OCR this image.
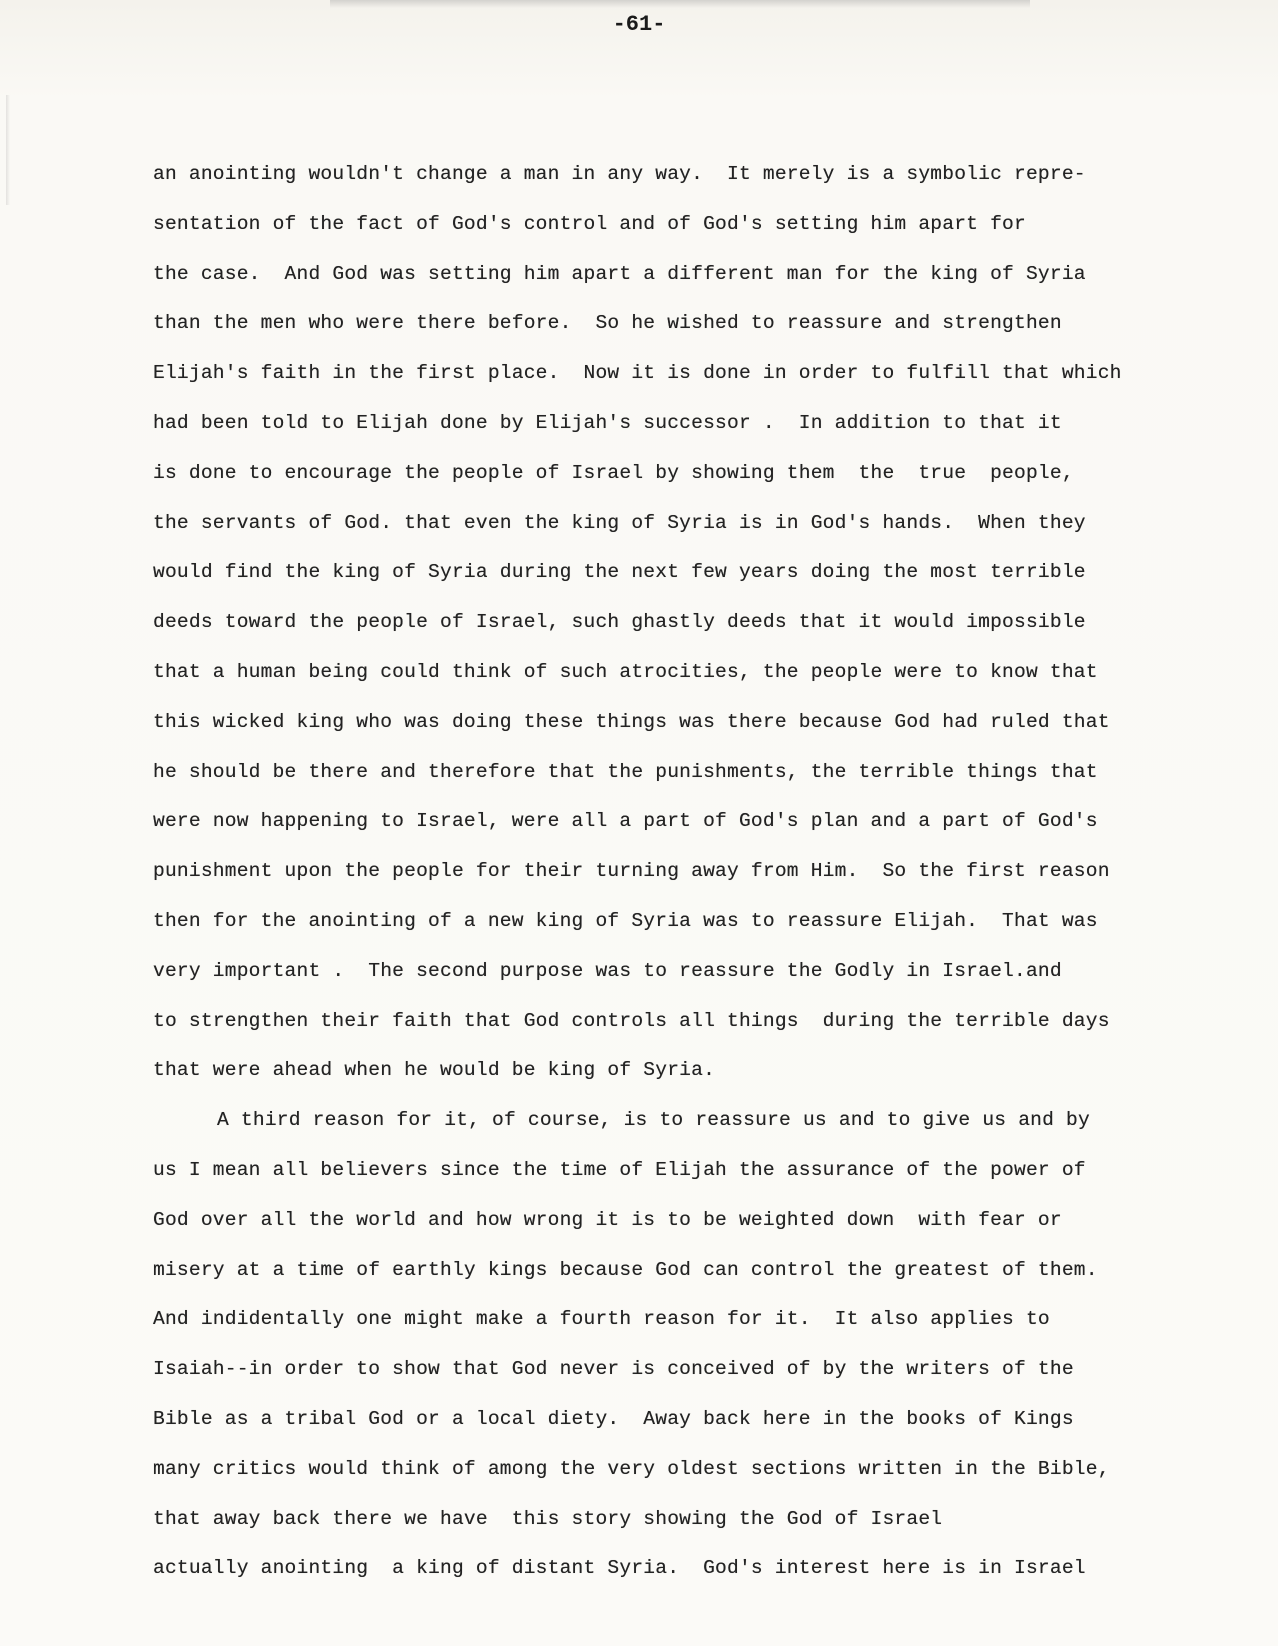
-61-
an anointing wouldn't change a man in any way.  It merely is a symbolic repre-
sentation of the fact of God's control and of God's setting him apart for
the case.  And God was setting him apart a different man for the king of Syria
than the men who were there before.  So he wished to reassure and strengthen
Elijah's faith in the first place.  Now it is done in order to fulfill that which
had been told to Elijah done by Elijah's successor .  In addition to that it
is done to encourage the people of Israel by showing them  the  true  people,
the servants of God. that even the king of Syria is in God's hands.  When they
would find the king of Syria during the next few years doing the most terrible
deeds toward the people of Israel, such ghastly deeds that it would impossible
that a human being could think of such atrocities, the people were to know that
this wicked king who was doing these things was there because God had ruled that
he should be there and therefore that the punishments, the terrible things that
were now happening to Israel, were all a part of God's plan and a part of God's
punishment upon the people for their turning away from Him.  So the first reason
then for the anointing of a new king of Syria was to reassure Elijah.  That was
very important .  The second purpose was to reassure the Godly in Israel.and
to strengthen their faith that God controls all things  during the terrible days
that were ahead when he would be king of Syria.
A third reason for it, of course, is to reassure us and to give us and by
us I mean all believers since the time of Elijah the assurance of the power of
God over all the world and how wrong it is to be weighted down  with fear or
misery at a time of earthly kings because God can control the greatest of them.
And indidentally one might make a fourth reason for it.  It also applies to
Isaiah--in order to show that God never is conceived of by the writers of the
Bible as a tribal God or a local diety.  Away back here in the books of Kings
many critics would think of among the very oldest sections written in the Bible,
that away back there we have  this story showing the God of Israel
actually anointing  a king of distant Syria.  God's interest here is in Israel
